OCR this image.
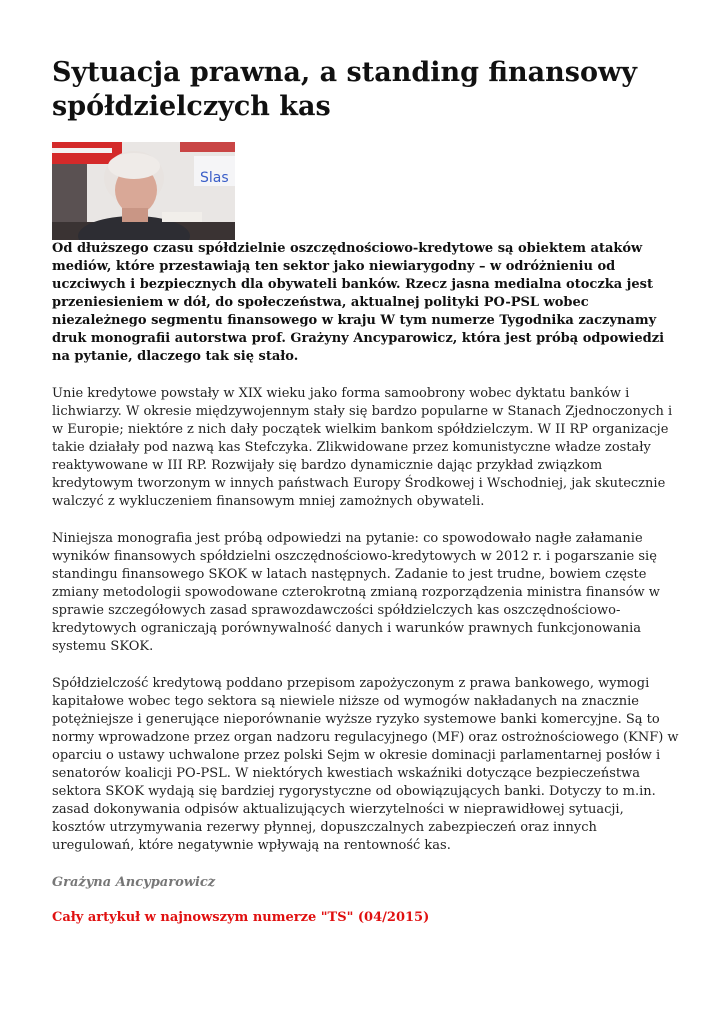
Sytuacja prawna, a standing finansowy spółdzielczych kas
Slas

Od dłuższego czasu spółdzielnie oszczędnościowo-kredytowe są obiektem ataków mediów, które przestawiają ten sektor jako niewiarygodny – w odróżnieniu od uczciwych i bezpiecznych dla obywateli banków. Rzecz jasna medialna otoczka jest przeniesieniem w dół, do społeczeństwa, aktualnej polityki PO-PSL wobec niezależnego segmentu finansowego w kraju W tym numerze Tygodnika zaczynamy druk monografii autorstwa prof. Grażyny Ancyparowicz, która jest próbą odpowiedzi na pytanie, dlaczego tak się stało.

Unie kredytowe powstały w XIX wieku jako forma samoobrony wobec dyktatu banków i lichwiarzy. W okresie międzywojennym stały się bardzo popularne w Stanach Zjednoczonych i w Europie; niektóre z nich dały początek wielkim bankom spółdzielczym. W II RP organizacje takie działały pod nazwą kas Stefczyka. Zlikwidowane przez komunistyczne władze zostały reaktywowane w III RP. Rozwijały się bardzo dynamicznie dając przykład związkom kredytowym tworzonym w innych państwach Europy Środkowej i Wschodniej, jak skutecznie walczyć z wykluczeniem finansowym mniej zamożnych obywateli.

Niniejsza monografia jest próbą odpowiedzi na pytanie: co spowodowało nagłe załamanie wyników finansowych spółdzielni oszczędnościowo-kredytowych w 2012 r. i pogarszanie się standingu finansowego SKOK w latach następnych. Zadanie to jest trudne, bowiem częste zmiany metodologii spowodowane czterokrotną zmianą rozporządzenia ministra finansów w sprawie szczegółowych zasad sprawozdawczości spółdzielczych kas oszczędnościowo-kredytowych ograniczają porównywalność danych i warunków prawnych funkcjonowania systemu SKOK.

Spółdzielczość kredytową poddano przepisom zapożyczonym z prawa bankowego, wymogi kapitałowe wobec tego sektora są niewiele niższe od wymogów nakładanych na znacznie potężniejsze i generujące nieporównanie wyższe ryzyko systemowe banki komercyjne. Są to normy wprowadzone przez organ nadzoru regulacyjnego (MF) oraz ostrożnościowego (KNF) w oparciu o ustawy uchwalone przez polski Sejm w okresie dominacji parlamentarnej posłów i senatorów koalicji PO-PSL. W niektórych kwestiach wskaźniki dotyczące bezpieczeństwa sektora SKOK wydają się bardziej rygorystyczne od obowiązujących banki. Dotyczy to m.in. zasad dokonywania odpisów aktualizujących wierzytelności w nieprawidłowej sytuacji, kosztów utrzymywania rezerwy płynnej, dopuszczalnych zabezpieczeń oraz innych uregulowań, które negatywnie wpływają na rentowność kas.

Grażyna Ancyparowicz
Cały artykuł w najnowszym numerze "TS" (04/2015)
